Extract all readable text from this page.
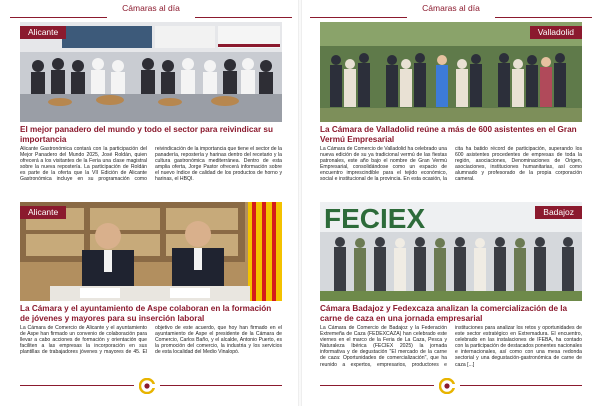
Cámaras al día
Alicante
El mejor panadero del mundo y todo el sector para reivindicar su importancia
Alicante Gastronómica contará con la participación del Mejor Panadero del Mundo 2025, José Roldán, quien ofrecerá a los visitantes de la Feria una clase magistral sobre la nueva repostería. La participación de Roldán es parte de la oferta que la VII Edición de Alicante Gastronómica incluye en su programación como reivindicación de la importancia que tiene el sector de la panadería, repostería y harinas dentro del recetario y la cultura gastronómica mediterránea. Dentro de esta amplia oferta, Jorge Pastor ofrecerá información sobre el nuevo índice de calidad de los productos de horno y harinas, el HBQI.
Alicante
La Cámara y el ayuntamiento de Aspe colaboran en la formación de jóvenes y mayores para su inserción laboral
La Cámara de Comercio de Alicante y el ayuntamiento de Aspe han firmado un convenio de colaboración para llevar a cabo acciones de formación y orientación que faciliten a las empresas la incorporación en sus plantillas de trabajadores jóvenes y mayores de 45. El objetivo de este acuerdo, que hoy han firmado en el ayuntamiento de Aspe el presidente de la Cámara de Comercio, Carlos Baño, y el alcalde, Antonio Puerto, es la promoción del comercio, la industria y los servicios de esta localidad del Medio Vinalopó.
Cámaras al día
Valladolid
La Cámara de Valladolid reúne a más de 600 asistentes en el Gran Vermú Empresarial
La Cámara de Comercio de Valladolid ha celebrado una nueva edición de su ya tradicional vermú de las fiestas patronales, este año bajo el nombre de Gran Vermú Empresarial, consolidándose como un espacio de encuentro imprescindible para el tejido económico, social e institucional de la provincia. En esta ocasión, la cita ha batido récord de participación, superando los 600 asistentes procedentes de empresas de toda la región, asociaciones, Denominaciones de Origen, asociaciones, instituciones humanitarias, así como alumnado y profesorado de la propia corporación cameral.
FECIEX	Badajoz
Cámara Badajoz y Fedexcaza analizan la comercialización de la carne de caza en una jornada empresarial
La Cámara de Comercio de Badajoz y la Federación Extremeña de Caza (FEDEXCAZA) han celebrado este viernes en el marco de la Feria de La Caza, Pesca y Naturaleza Ibérica (FECIEX 2025) la jornada informativa y de degustación "El mercado de la carne de caza: Oportunidades de comercialización", que ha reunido a expertos, empresarios, productores e instituciones para analizar los retos y oportunidades de este sector estratégico en Extremadura. El encuentro, celebrado en las instalaciones de IFEBA, ha contado con la participación de destacados ponentes nacionales e internacionales, así como con una mesa redonda sectorial y una degustación-gastronómica de carne de caza [...]
